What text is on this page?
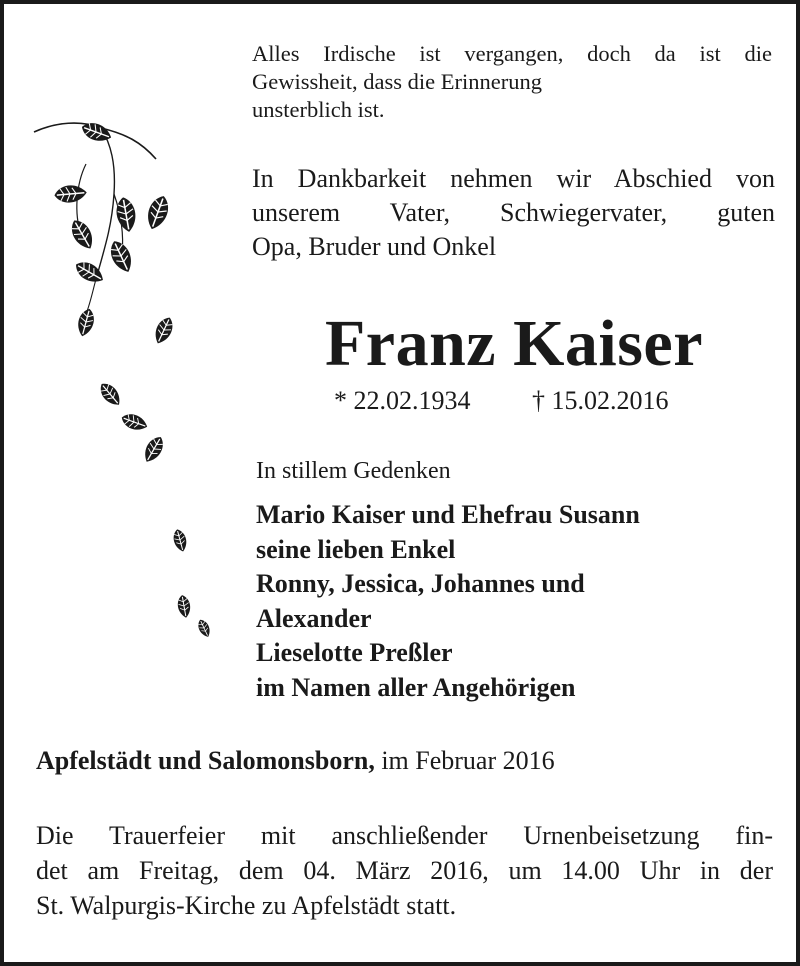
Alles Irdische ist vergangen, doch da ist die
Gewissheit, dass die Erinnerung
unsterblich ist.
In Dankbarkeit nehmen wir Abschied von
unserem Vater, Schwiegervater, guten
Opa, Bruder und Onkel
Franz Kaiser
* 22.02.1934 † 15.02.2016
In stillem Gedenken
Mario Kaiser und Ehefrau Susann
seine lieben Enkel
Ronny, Jessica, Johannes und
Alexander
Lieselotte Preßler
im Namen aller Angehörigen
Apfelstädt und Salomonsborn, im Februar 2016
Die Trauerfeier mit anschließender Urnenbeisetzung fin-
det am Freitag, dem 04. März 2016, um 14.00 Uhr in der
St. Walpurgis-Kirche zu Apfelstädt statt.
